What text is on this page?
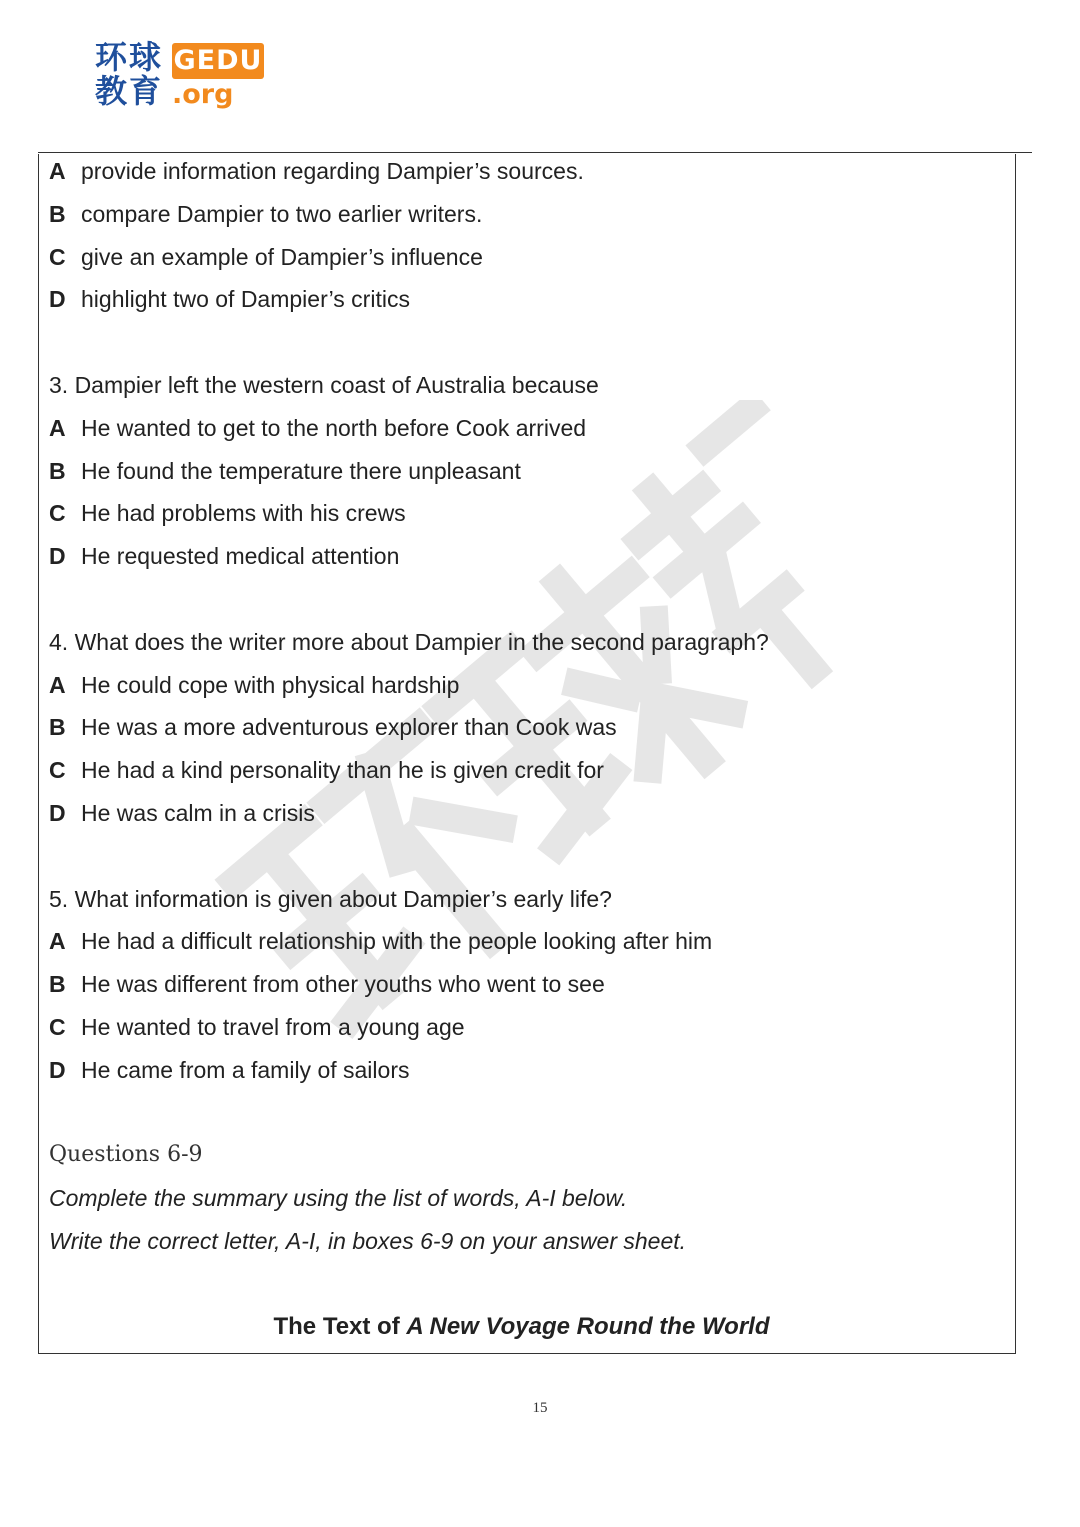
环球
教育
GEDU
.org
A provide information regarding Dampier’s sources.
B compare Dampier to two earlier writers.
C give an example of Dampier’s influence
D highlight two of Dampier’s critics
3. Dampier left the western coast of Australia because
A He wanted to get to the north before Cook arrived
B He found the temperature there unpleasant
C He had problems with his crews
D He requested medical attention
4. What does the writer more about Dampier in the second paragraph?
A He could cope with physical hardship
B He was a more adventurous explorer than Cook was
C He had a kind personality than he is given credit for
D He was calm in a crisis
5. What information is given about Dampier’s early life?
A He had a difficult relationship with the people looking after him
B He was different from other youths who went to see
C He wanted to travel from a young age
D He came from a family of sailors
Questions 6-9
Complete the summary using the list of words, A-I below.
Write the correct letter, A-I, in boxes 6-9 on your answer sheet.
The Text of A New Voyage Round the World
15
